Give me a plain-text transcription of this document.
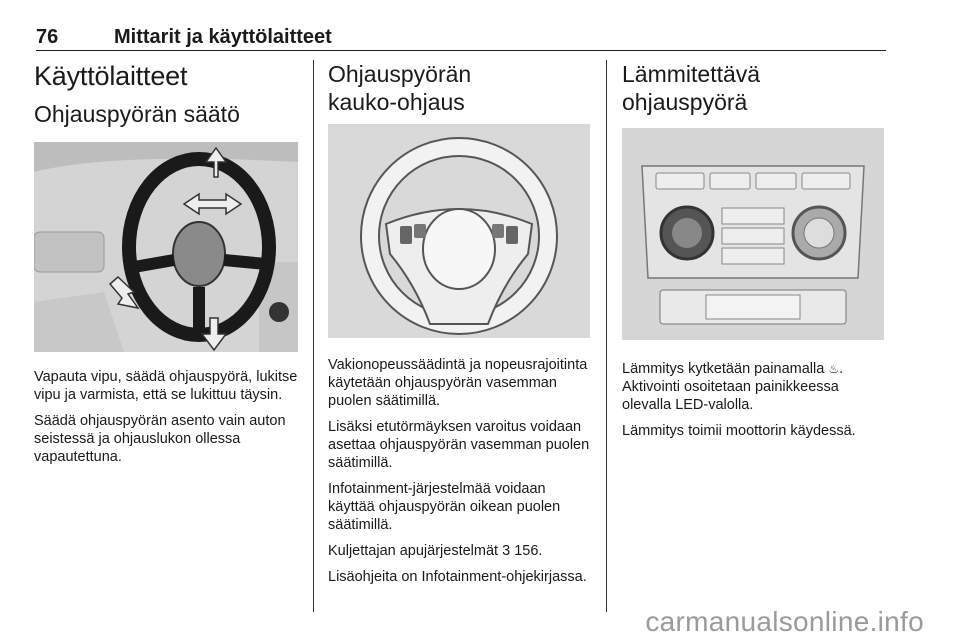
76	Mittarit ja käyttölaitteet
Käyttölaitteet
Ohjauspyörän säätö

Vapauta vipu, säädä ohjauspyörä, lukitse vipu ja varmista, että se lukittuu täysin.

Säädä ohjauspyörän asento vain auton seistessä ja ohjauslukon ollessa vapautettuna.

Ohjauspyörän
kauko-ohjaus

Vakionopeussäädintä ja nopeusrajoitinta käytetään ohjauspyörän vasemman puolen säätimillä.

Lisäksi etutörmäyksen varoitus voidaan asettaa ohjauspyörän vasemman puolen säätimillä.

Infotainment-järjestelmää voidaan käyttää ohjauspyörän oikean puolen säätimillä.

Kuljettajan apujärjestelmät 3 156.

Lisäohjeita on Infotainment-ohjekirjassa.

Lämmitettävä ohjauspyörä

Lämmitys kytketään painamalla ♨.
Aktivointi osoitetaan painikkeessa olevalla LED-valolla.

Lämmitys toimii moottorin käydessä.

carmanualsonline.info
